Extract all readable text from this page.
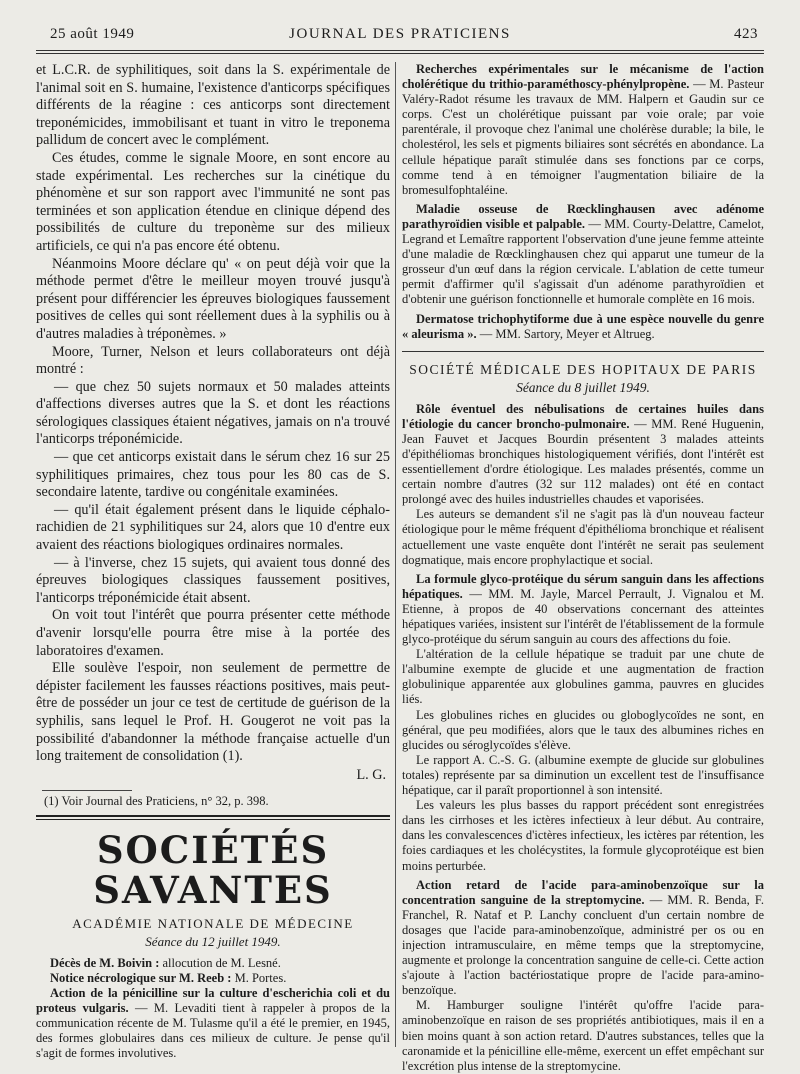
25 août 1949	JOURNAL DES PRATICIENS	423

et L.C.R. de syphilitiques, soit dans la S. expérimentale de l'animal soit en S. humaine, l'existence d'anticorps spécifiques différents de la réagine : ces anticorps sont directement treponémicides, immobilisant et tuant in vitro le treponema pallidum de concert avec le complément.

Ces études, comme le signale Moore, en sont encore au stade expérimental. Les recherches sur la cinétique du phénomène et sur son rapport avec l'immunité ne sont pas terminées et son application étendue en clinique dépend des possibilités de culture du treponème sur des milieux artificiels, ce qui n'a pas encore été obtenu.

Néanmoins Moore déclare qu' « on peut déjà voir que la méthode permet d'être le meilleur moyen trouvé jusqu'à présent pour différencier les épreuves biologiques faussement positives de celles qui sont réellement dues à la syphilis ou à d'autres maladies à tréponèmes. »

Moore, Turner, Nelson et leurs collaborateurs ont déjà montré :

— que chez 50 sujets normaux et 50 malades atteints d'affections diverses autres que la S. et dont les réactions sérologiques classiques étaient négatives, jamais on n'a trouvé l'anticorps tréponémicide.

— que cet anticorps existait dans le sérum chez 16 sur 25 syphilitiques primaires, chez tous pour les 80 cas de S. secondaire latente, tardive ou congénitale examinées.

— qu'il était également présent dans le liquide céphalo-rachidien de 21 syphilitiques sur 24, alors que 10 d'entre eux avaient des réactions biologiques ordinaires normales.

— à l'inverse, chez 15 sujets, qui avaient tous donné des épreuves biologiques classiques faussement positives, l'anticorps tréponémicide était absent.

On voit tout l'intérêt que pourra présenter cette méthode d'avenir lorsqu'elle pourra être mise à la portée des laboratoires d'examen.

Elle soulève l'espoir, non seulement de permettre de dépister facilement les fausses réactions positives, mais peut-être de posséder un jour ce test de certitude de guérison de la syphilis, sans lequel le Prof. H. Gougerot ne voit pas la possibilité d'abandonner la méthode française actuelle d'un long traitement de consolidation (1).

L. G.

(1) Voir Journal des Praticiens, n° 32, p. 398.

SOCIÉTÉS SAVANTES
ACADÉMIE NATIONALE DE MÉDECINE
Séance du 12 juillet 1949.

Décès de M. Boivin : allocution de M. Lesné.

Notice nécrologique sur M. Reeb : M. Portes.

Action de la pénicilline sur la culture d'escherichia coli et du proteus vulgaris. — M. Levaditi tient à rappeler à propos de la communication récente de M. Tulasme qu'il a été le premier, en 1945, des formes globulaires dans ces milieux de culture. Je pense qu'il s'agit de formes involutives.

Recherches expérimentales sur le mécanisme de l'action cholérétique du trithio-paraméthoscy-phénylpropène. — M. Pasteur Valéry-Radot résume les travaux de MM. Halpern et Gaudin sur ce corps. C'est un cholérétique puissant par voie orale; par voie parentérale, il provoque chez l'animal une cholérèse durable; la bile, le cholestérol, les sels et pigments biliaires sont sécrétés en abondance. La cellule hépatique paraît stimulée dans ses fonctions par ce corps, comme tend à en témoigner l'augmentation biliaire de la bromesulfophtaléine.

Maladie osseuse de Rœcklinghausen avec adénome parathyroïdien visible et palpable. — MM. Courty-Delattre, Camelot, Legrand et Lemaître rapportent l'observation d'une jeune femme atteinte d'une maladie de Rœcklinghausen chez qui apparut une tumeur de la grosseur d'un œuf dans la région cervicale. L'ablation de cette tumeur permit d'affirmer qu'il s'agissait d'un adénome parathyroïdien et d'obtenir une guérison fonctionnelle et humorale complète en 16 mois.

Dermatose trichophytiforme due à une espèce nouvelle du genre « aleurisma ». — MM. Sartory, Meyer et Altrueg.

SOCIÉTÉ MÉDICALE DES HOPITAUX DE PARIS
Séance du 8 juillet 1949.

Rôle éventuel des nébulisations de certaines huiles dans l'étiologie du cancer broncho-pulmonaire. — MM. René Huguenin, Jean Fauvet et Jacques Bourdin présentent 3 malades atteints d'épithéliomas bronchiques histologiquement vérifiés, dont l'intérêt est essentiellement d'ordre étiologique. Les malades présentés, comme un certain nombre d'autres (32 sur 112 malades) ont été en contact prolongé avec des huiles industrielles chaudes et vaporisées.

Les auteurs se demandent s'il ne s'agit pas là d'un nouveau facteur étiologique pour le même fréquent d'épithélioma bronchique et réalisent actuellement une vaste enquête dont l'intérêt ne serait pas seulement dogmatique, mais encore prophylactique et social.

La formule glyco-protéique du sérum sanguin dans les affections hépatiques. — MM. M. Jayle, Marcel Perrault, J. Vignalou et M. Etienne, à propos de 40 observations concernant des atteintes hépatiques variées, insistent sur l'intérêt de l'établissement de la formule glyco-protéique du sérum sanguin au cours des affections du foie.

L'altération de la cellule hépatique se traduit par une chute de l'albumine exempte de glucide et une augmentation de fraction globulinique apparentée aux globulines gamma, pauvres en glucides liés.

Les globulines riches en glucides ou globoglycoïdes ne sont, en général, que peu modifiées, alors que le taux des albumines riches en glucides ou séroglycoïdes s'élève.

Le rapport A. C.-S. G. (albumine exempte de glucide sur globulines totales) représente par sa diminution un excellent test de l'insuffisance hépatique, car il paraît proportionnel à son intensité.

Les valeurs les plus basses du rapport précédent sont enregistrées dans les cirrhoses et les ictères infectieux à leur début. Au contraire, dans les convalescences d'ictères infectieux, les ictères par rétention, les foies cardiaques et les cholécystites, la formule glycoprotéique est bien moins perturbée.

Action retard de l'acide para-aminobenzoïque sur la concentration sanguine de la streptomycine. — MM. R. Benda, F. Franchel, R. Nataf et P. Lanchy concluent d'un certain nombre de dosages que l'acide para-aminobenzoïque, administré per os ou en injection intramusculaire, en même temps que la streptomycine, augmente et prolonge la concentration sanguine de celle-ci. Cette action s'ajoute à l'action bactériostatique propre de l'acide para-amino-benzoïque.

M. Hamburger souligne l'intérêt qu'offre l'acide para-aminobenzoïque en raison de ses propriétés antibiotiques, mais il en a bien moins quant à son action retard. D'autres substances, telles que la caronamide et la pénicilline elle-même, exercent un effet empêchant sur l'excrétion plus intense de la streptomycine.
